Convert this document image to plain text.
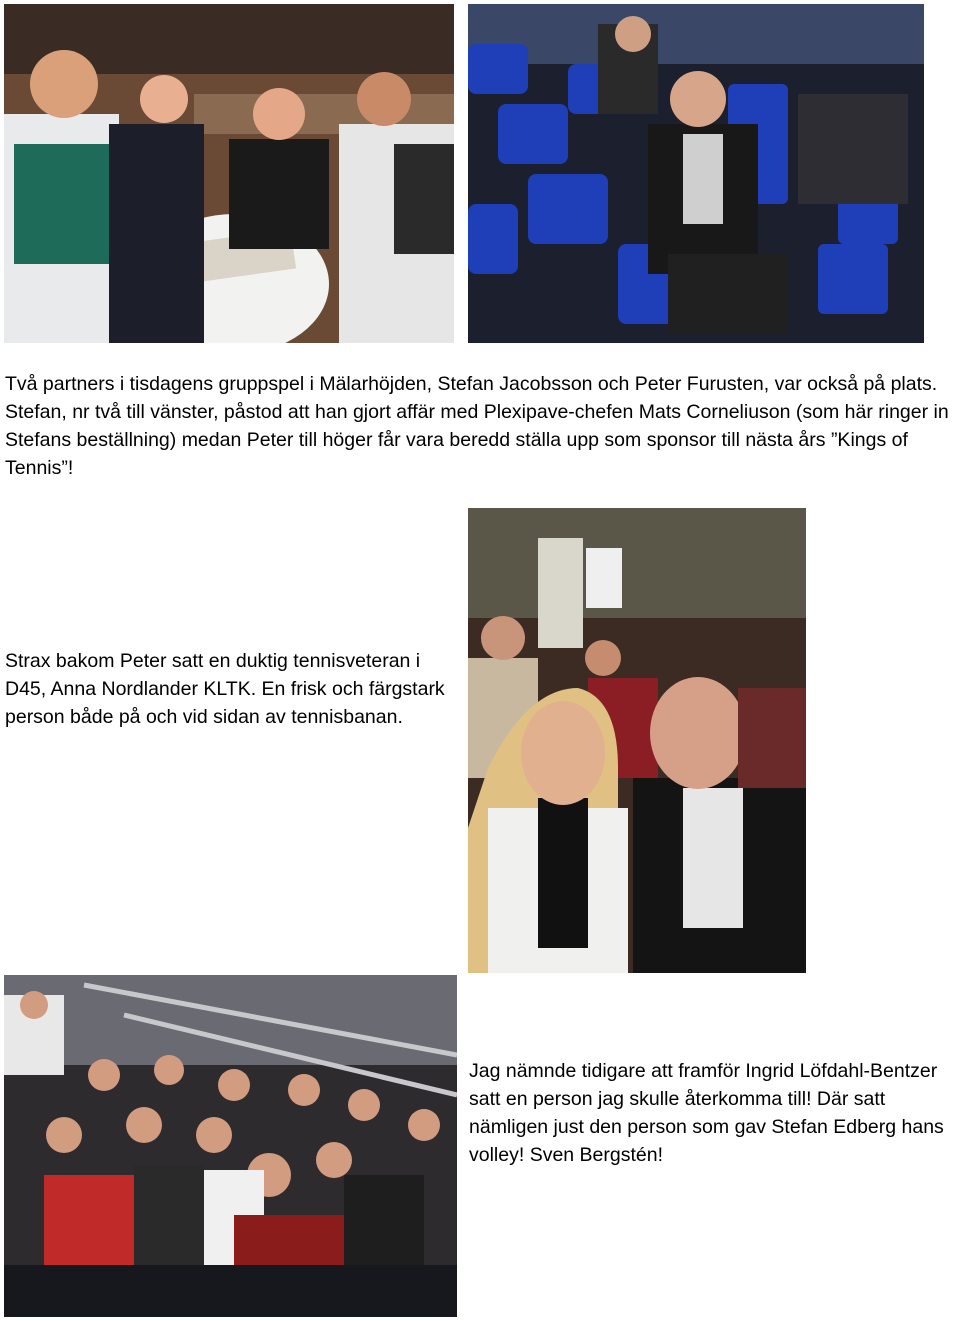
Två partners i tisdagens gruppspel i Mälarhöjden, Stefan Jacobsson och Peter Furusten, var också på plats. Stefan, nr två till vänster, påstod att han gjort affär med Plexipave-chefen Mats Corneliuson (som här ringer in Stefans beställning) medan Peter till höger får vara beredd ställa upp som sponsor till nästa års ”Kings of Tennis”!

Strax bakom Peter satt en duktig tennisveteran i D45, Anna Nordlander KLTK. En frisk och färgstark person både på och vid sidan av tennisbanan.

Jag nämnde tidigare att framför Ingrid Löfdahl-Bentzer satt en person jag skulle återkomma till! Där satt nämligen just den person som gav Stefan Edberg hans volley! Sven Bergstén!
